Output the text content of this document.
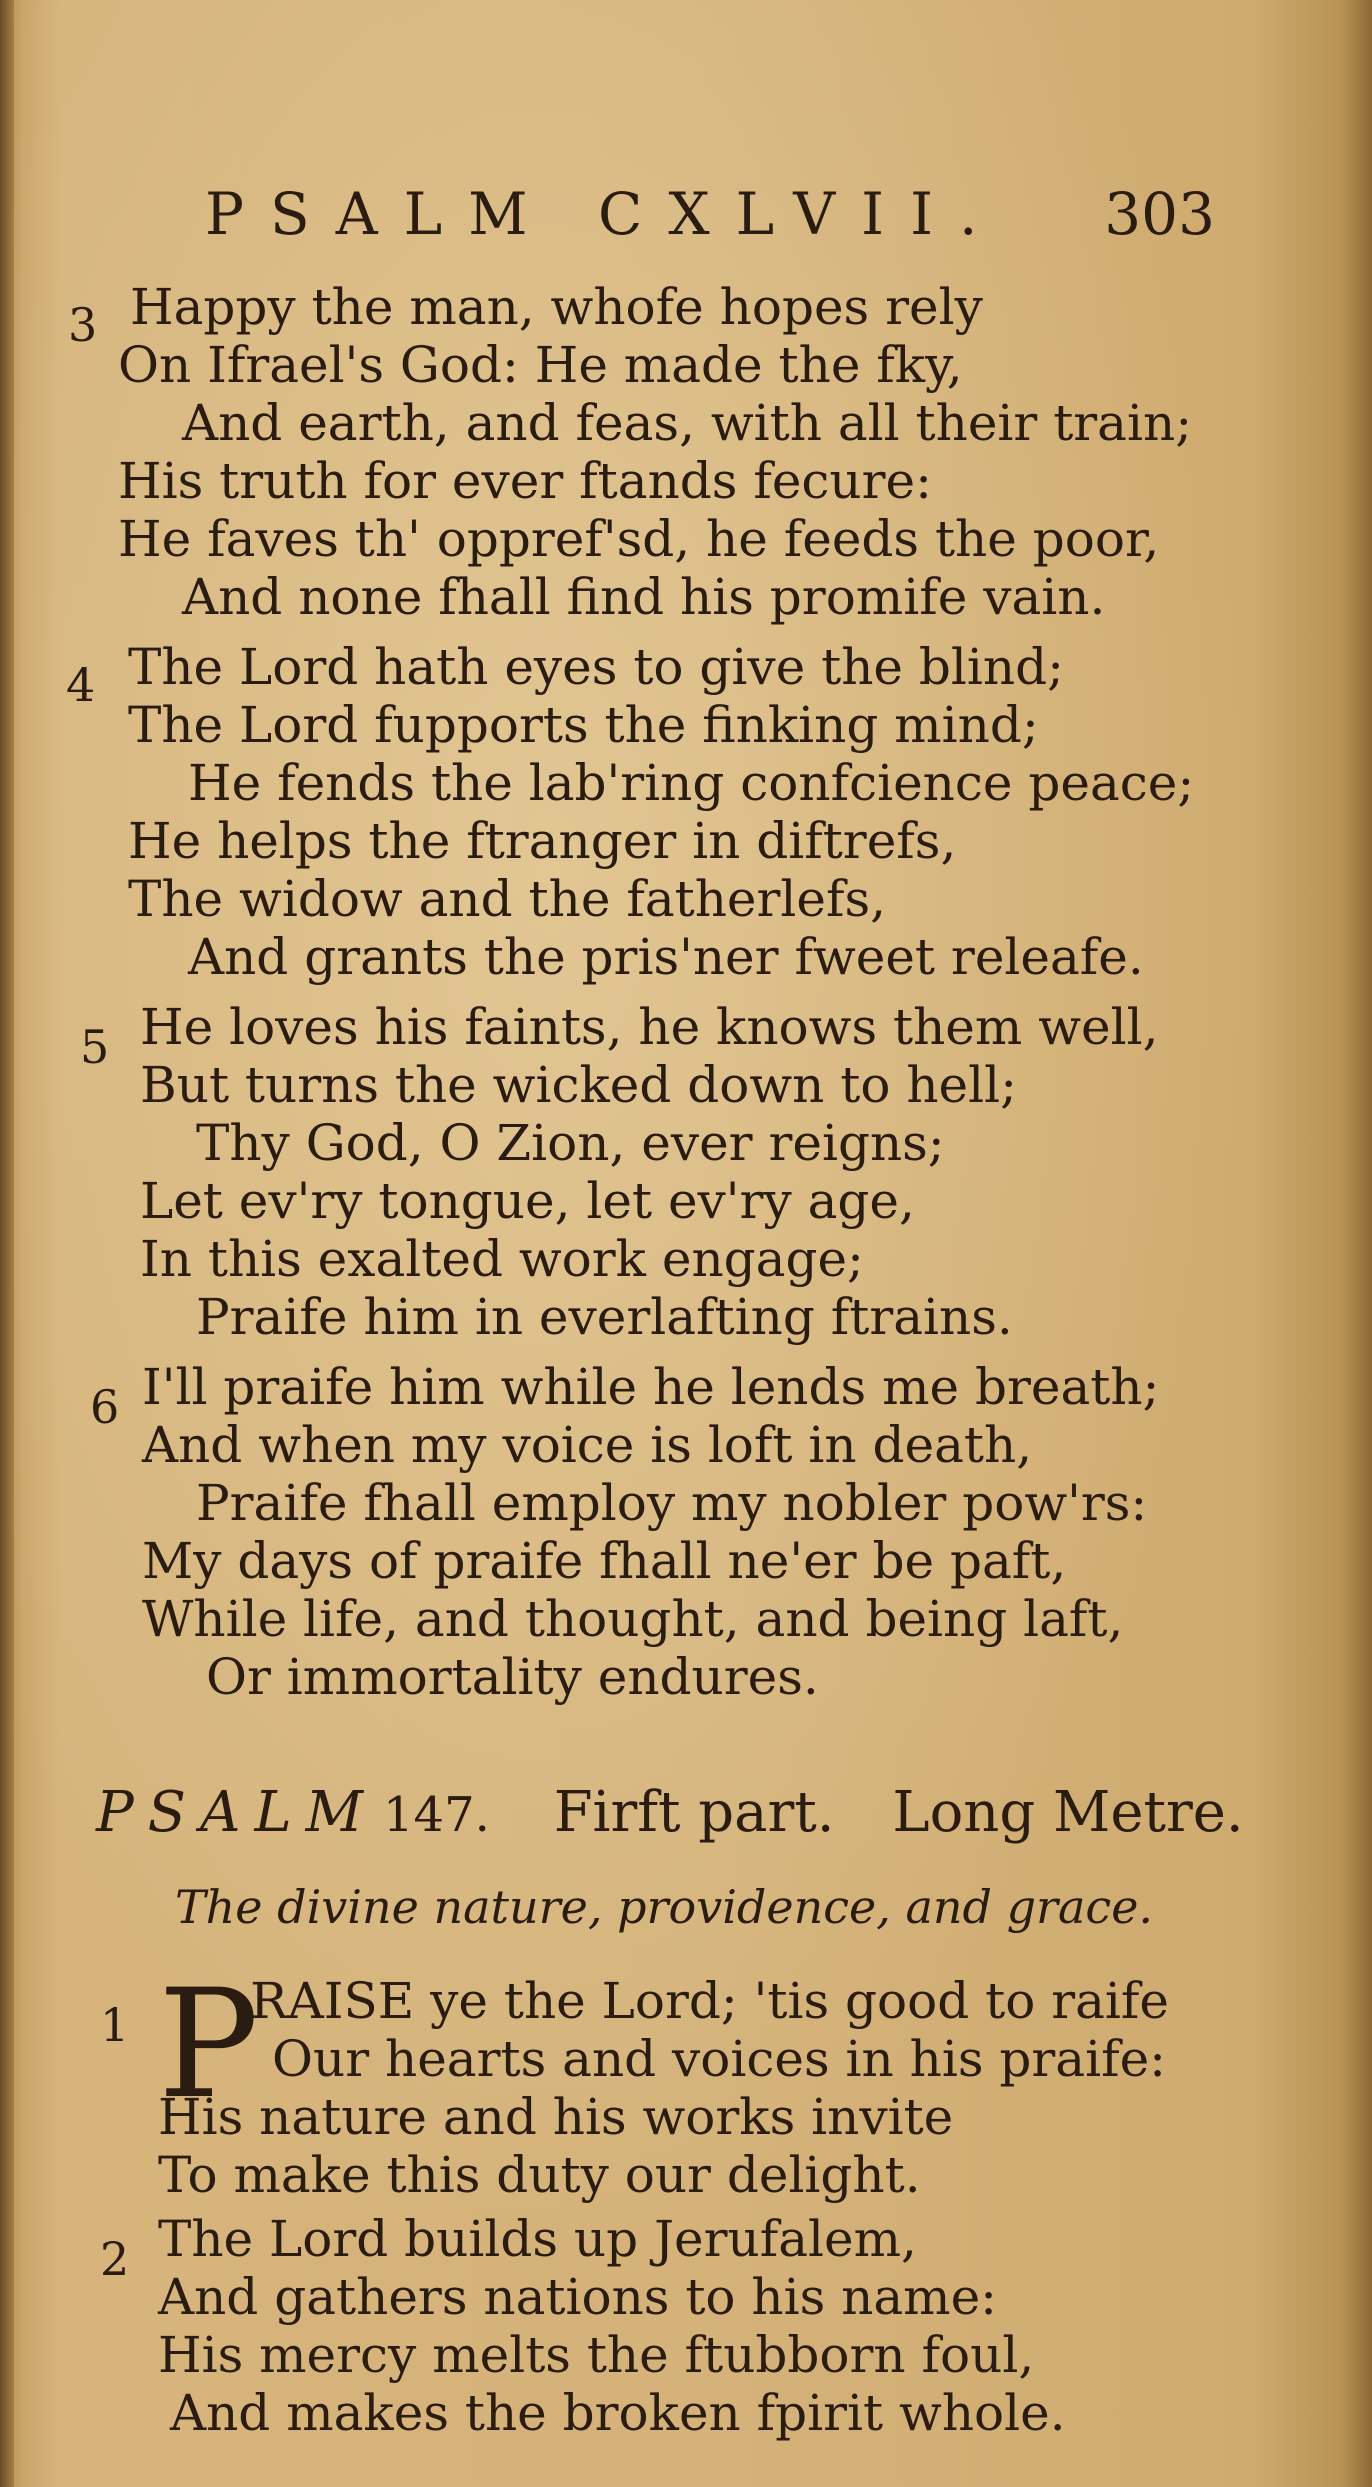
PSALM CXLVII. 303
3 Happy the man, whofe hopes rely
On Ifrael's God: He made the fky,
And earth, and feas, with all their train;
His truth for ever ftands fecure:
He faves th' oppref'sd, he feeds the poor,
And none fhall find his promife vain.
4 The Lord hath eyes to give the blind;
The Lord fupports the finking mind;
He fends the lab'ring confcience peace;
He helps the ftranger in diftrefs,
The widow and the fatherlefs,
And grants the pris'ner fweet releafe.
5 He loves his faints, he knows them well,
But turns the wicked down to hell;
Thy God, O Zion, ever reigns;
Let ev'ry tongue, let ev'ry age,
In this exalted work engage;
Praife him in everlafting ftrains.
6 I'll praife him while he lends me breath;
And when my voice is loft in death,
Praife fhall employ my nobler pow'rs:
My days of praife fhall ne'er be paft,
While life, and thought, and being laft,
Or immortality endures.
PSALM 147. Firft part. Long Metre.
The divine nature, providence, and grace.
1 P
RAISE ye the Lord; 'tis good to raife
Our hearts and voices in his praife:
His nature and his works invite
To make this duty our delight.
2 The Lord builds up Jerufalem,
And gathers nations to his name:
His mercy melts the ftubborn foul,
And makes the broken fpirit whole.
